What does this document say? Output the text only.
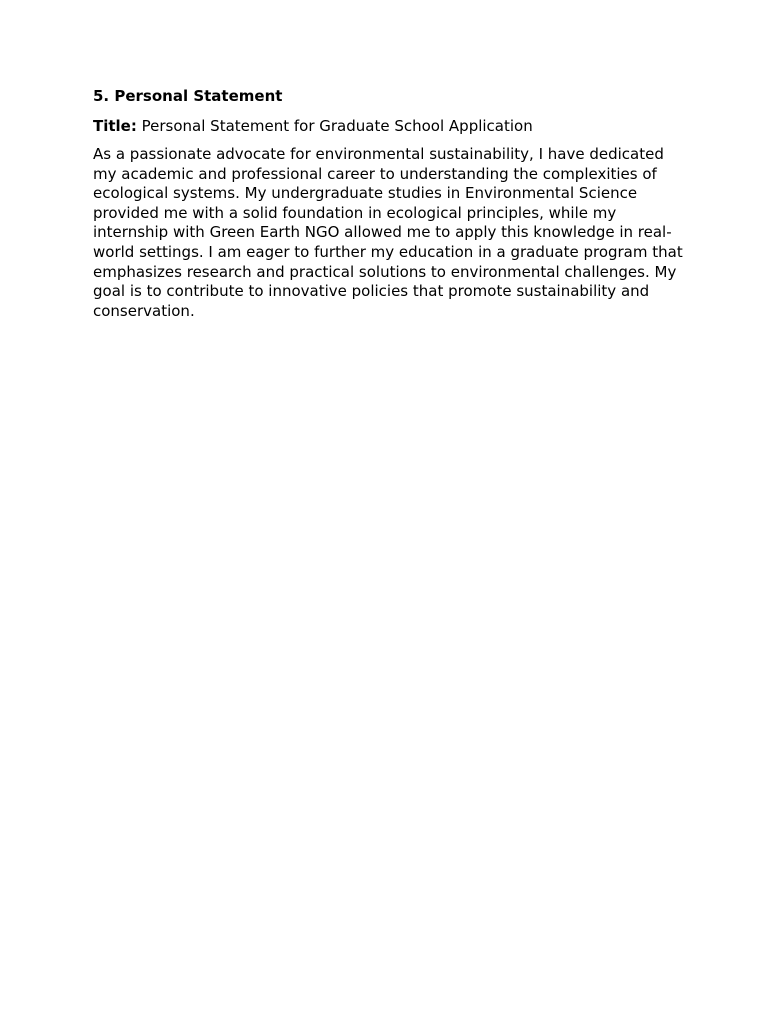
5. Personal Statement
Title: Personal Statement for Graduate School Application

As a passionate advocate for environmental sustainability, I have dedicated my academic and professional career to understanding the complexities of ecological systems. My undergraduate studies in Environmental Science provided me with a solid foundation in ecological principles, while my internship with Green Earth NGO allowed me to apply this knowledge in real-world settings. I am eager to further my education in a graduate program that emphasizes research and practical solutions to environmental challenges. My goal is to contribute to innovative policies that promote sustainability and conservation.
